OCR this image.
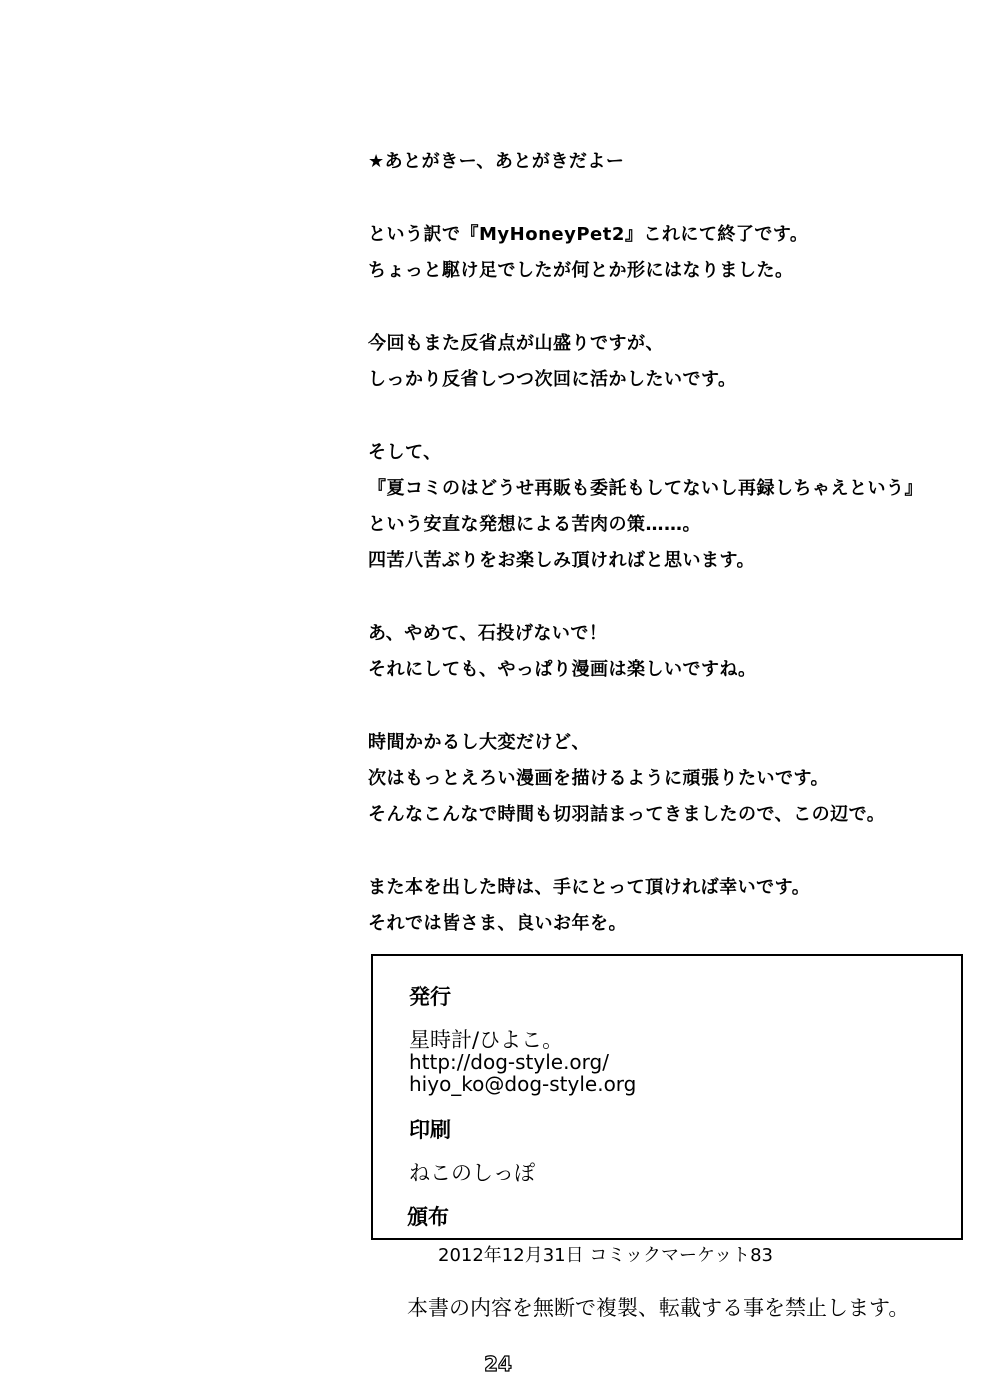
★あとがきー、あとがきだよー
という訳で『MyHoneyPet2』これにて終了です。
ちょっと駆け足でしたが何とか形にはなりました。
今回もまた反省点が山盛りですが、
しっかり反省しつつ次回に活かしたいです。
そして、
『夏コミのはどうせ再販も委託もしてないし再録しちゃえという』
という安直な発想による苦肉の策……。
四苦八苦ぶりをお楽しみ頂ければと思います。
あ、やめて、石投げないで！
それにしても、やっぱり漫画は楽しいですね。
時間かかるし大変だけど、
次はもっとえろい漫画を描けるように頑張りたいです。
そんなこんなで時間も切羽詰まってきましたので、この辺で。
また本を出した時は、手にとって頂ければ幸いです。
それでは皆さま、良いお年を。
発行
星時計/ひよこ。
http://dog-style.org/
hiyo_ko@dog-style.org
印刷
ねこのしっぽ
頒布
2012年12月31日 コミックマーケット83
本書の内容を無断で複製、転載する事を禁止します。
24
